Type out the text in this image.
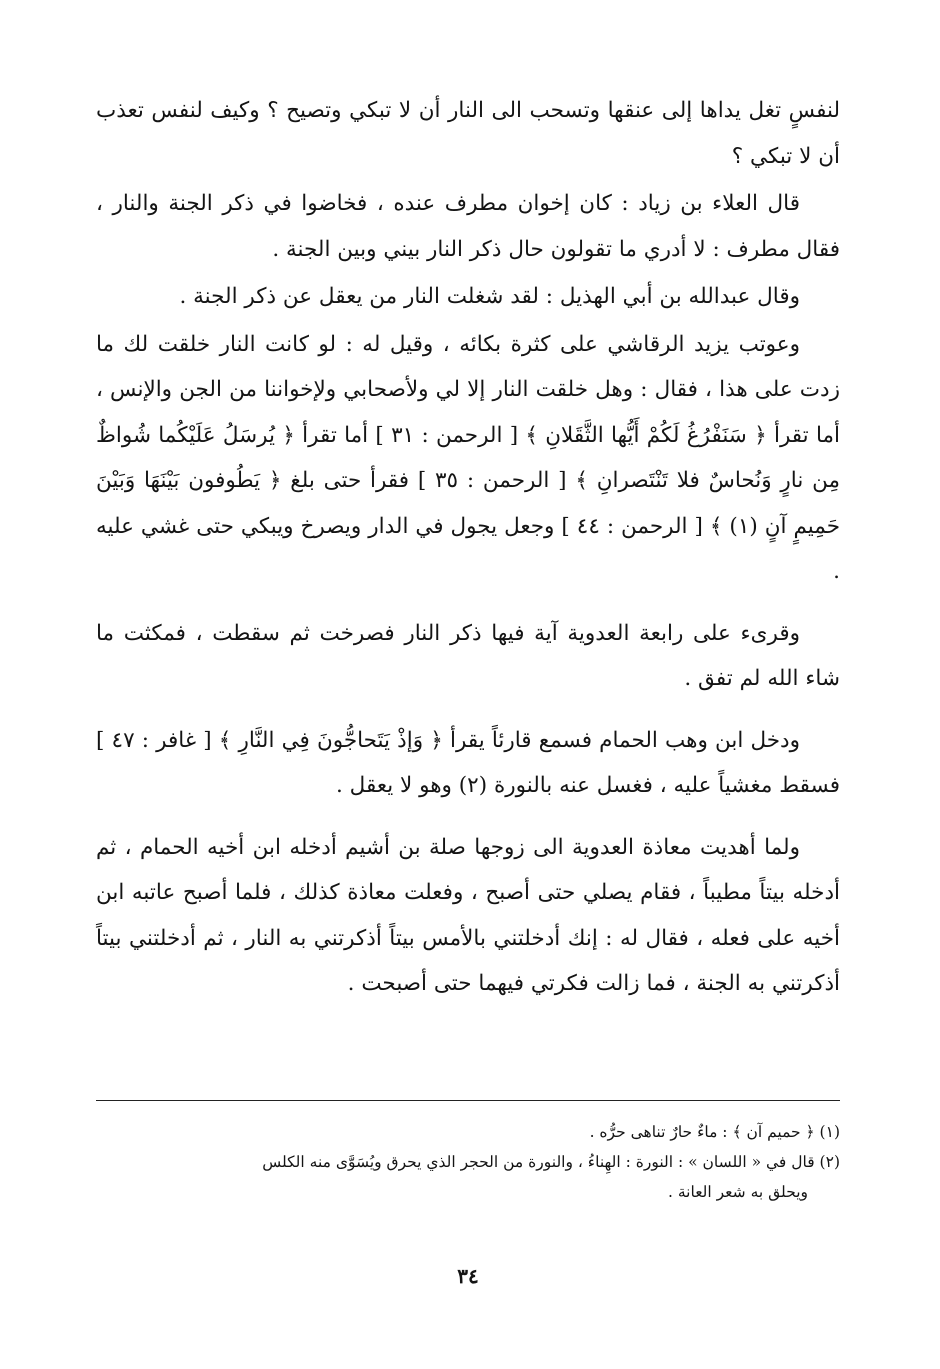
لنفسٍ تغل يداها إلى عنقها وتسحب الى النار أن لا تبكي وتصيح ؟ وكيف لنفس تعذب أن لا تبكي ؟

قال العلاء بن زياد : كان إخوان مطرف عنده ، فخاضوا في ذكر الجنة والنار ، فقال مطرف : لا أدري ما تقولون حال ذكر النار بيني وبين الجنة .

وقال عبدالله بن أبي الهذيل : لقد شغلت النار من يعقل عن ذكر الجنة .

وعوتب يزيد الرقاشي على كثرة بكائه ، وقيل له : لو كانت النار خلقت لك ما زدت على هذا ، فقال : وهل خلقت النار إلا لي ولأصحابي ولإخواننا من الجن والإنس ، أما تقرأ ﴿ سَنَفْرُغُ لَكُمْ أَيُّها الثَّقَلانِ ﴾ [ الرحمن : ٣١ ] أما تقرأ ﴿ يُرسَلُ عَلَيْكُما شُواظٌ مِن نارٍ وَنُحاسٌ فلا تَنْتَصرانِ ﴾ [ الرحمن : ٣٥ ] فقرأ حتى بلغ ﴿ يَطُوفون بَيْنَهَا وَبَيْنَ حَمِيمٍ آنٍ (١) ﴾ [ الرحمن : ٤٤ ] وجعل يجول في الدار ويصرخ ويبكي حتى غشي عليه .

وقرىء على رابعة العدوية آية فيها ذكر النار فصرخت ثم سقطت ، فمكثت ما شاء الله لم تفق .

ودخل ابن وهب الحمام فسمع قارئاً يقرأ ﴿ وَإذْ يَتَحاجُّونَ فِي النَّارِ ﴾ [ غافر : ٤٧ ] فسقط مغشياً عليه ، فغسل عنه بالنورة (٢) وهو لا يعقل .

ولما أهديت معاذة العدوية الى زوجها صلة بن أشيم أدخله ابن أخيه الحمام ، ثم أدخله بيتاً مطيباً ، فقام يصلي حتى أصبح ، وفعلت معاذة كذلك ، فلما أصبح عاتبه ابن أخيه على فعله ، فقال له : إنك أدخلتني بالأمس بيتاً أذكرتني به النار ، ثم أدخلتني بيتاً أذكرتني به الجنة ، فما زالت فكرتي فيهما حتى أصبحت .

(١) ﴿ حميم آن ﴾ : ماءٌ حارٌ تناهى حرُّه .

(٢) قال في « اللسان » : النورة : الهِناءُ ، والنورة من الحجر الذي يحرق ويُسَوَّى منه الكلس

ويحلق به شعر العانة .

٣٤
